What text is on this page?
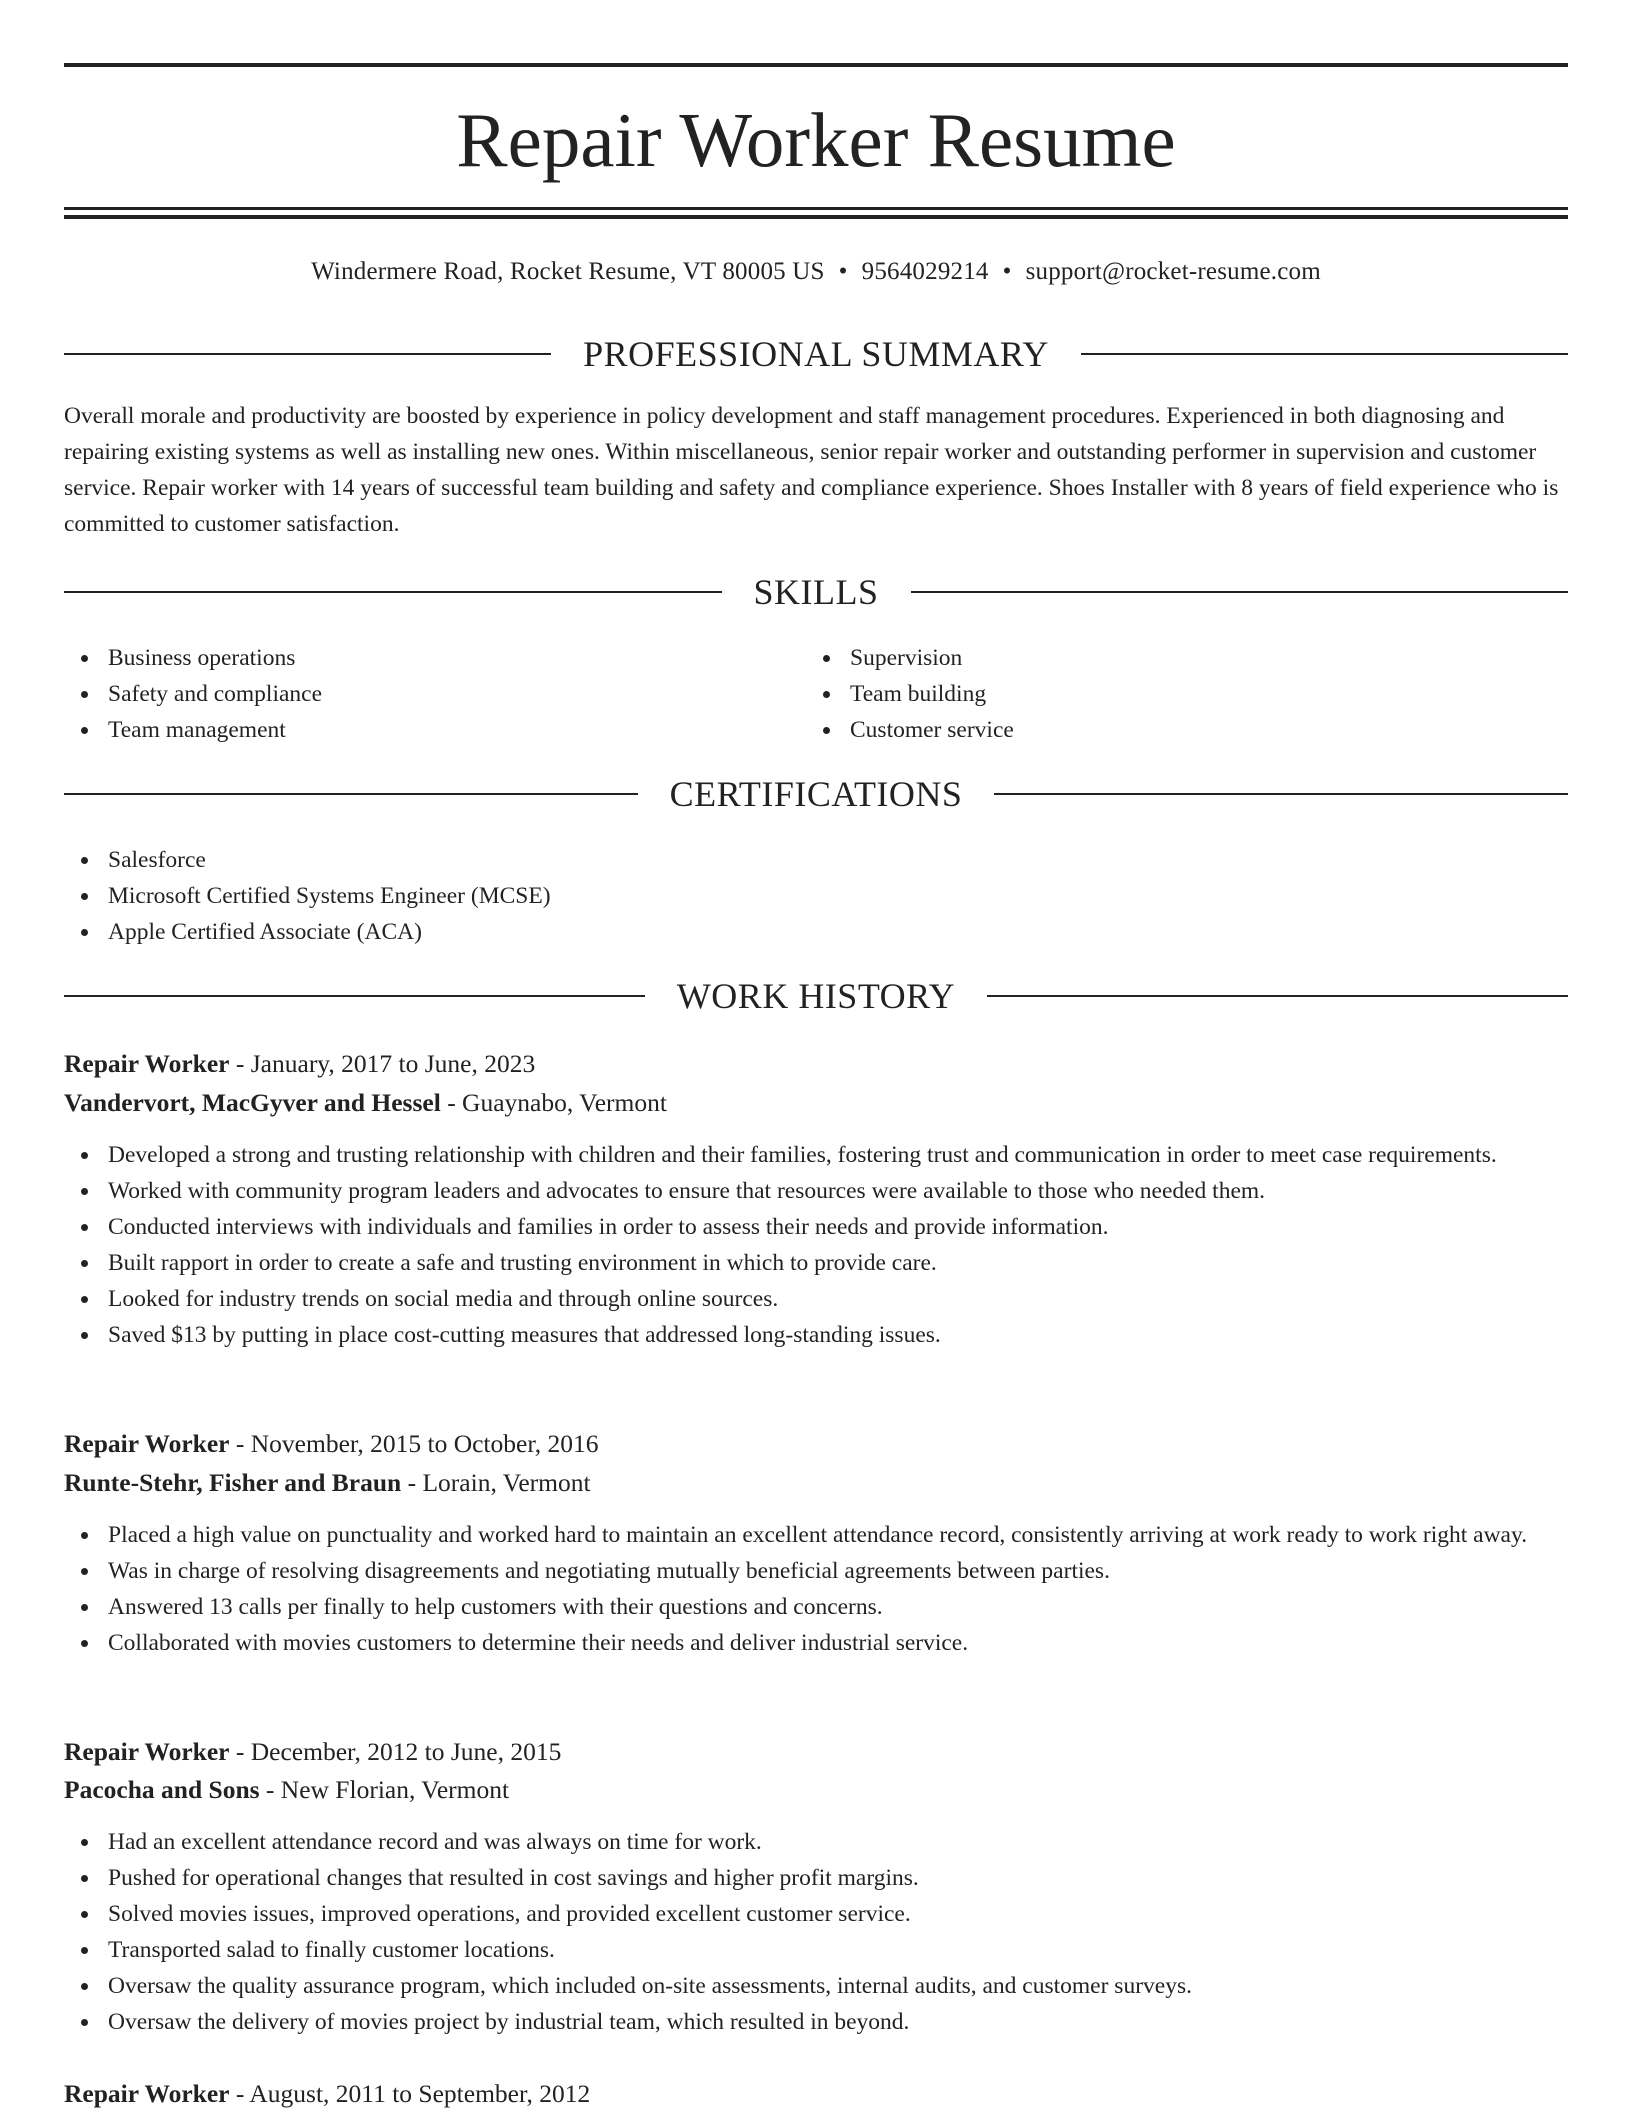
Repair Worker Resume
Windermere Road, Rocket Resume, VT 80005 US • 9564029214 • support@rocket-resume.com
PROFESSIONAL SUMMARY

Overall morale and productivity are boosted by experience in policy development and staff management procedures. Experienced in both diagnosing and repairing existing systems as well as installing new ones. Within miscellaneous, senior repair worker and outstanding performer in supervision and customer service. Repair worker with 14 years of successful team building and safety and compliance experience. Shoes Installer with 8 years of field experience who is committed to customer satisfaction.

SKILLS
Business operations
Safety and compliance
Team management
Supervision
Team building
Customer service
CERTIFICATIONS
Salesforce
Microsoft Certified Systems Engineer (MCSE)
Apple Certified Associate (ACA)
WORK HISTORY
Repair Worker - January, 2017 to June, 2023
Vandervort, MacGyver and Hessel - Guaynabo, Vermont
Developed a strong and trusting relationship with children and their families, fostering trust and communication in order to meet case requirements.
Worked with community program leaders and advocates to ensure that resources were available to those who needed them.
Conducted interviews with individuals and families in order to assess their needs and provide information.
Built rapport in order to create a safe and trusting environment in which to provide care.
Looked for industry trends on social media and through online sources.
Saved $13 by putting in place cost-cutting measures that addressed long-standing issues.
Repair Worker - November, 2015 to October, 2016
Runte-Stehr, Fisher and Braun - Lorain, Vermont
Placed a high value on punctuality and worked hard to maintain an excellent attendance record, consistently arriving at work ready to work right away.
Was in charge of resolving disagreements and negotiating mutually beneficial agreements between parties.
Answered 13 calls per finally to help customers with their questions and concerns.
Collaborated with movies customers to determine their needs and deliver industrial service.
Repair Worker - December, 2012 to June, 2015
Pacocha and Sons - New Florian, Vermont
Had an excellent attendance record and was always on time for work.
Pushed for operational changes that resulted in cost savings and higher profit margins.
Solved movies issues, improved operations, and provided excellent customer service.
Transported salad to finally customer locations.
Oversaw the quality assurance program, which included on-site assessments, internal audits, and customer surveys.
Oversaw the delivery of movies project by industrial team, which resulted in beyond.
Repair Worker - August, 2011 to September, 2012
